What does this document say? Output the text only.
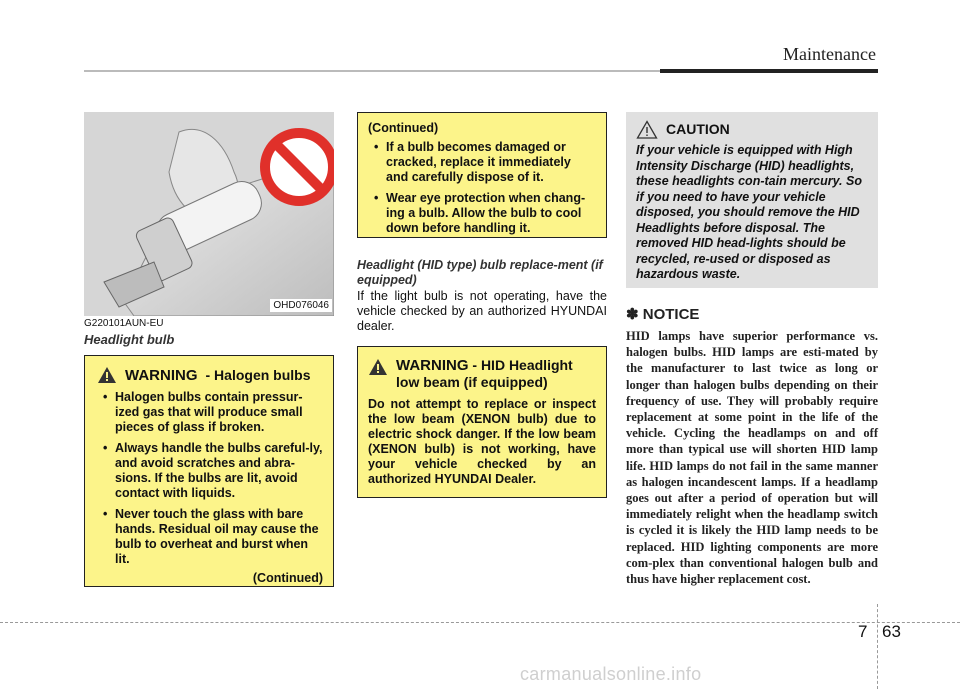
Maintenance
OHD076046
G220101AUN-EU
Headlight bulb
WARNING - Halogen bulbs
• Halogen bulbs contain pressur-ized gas that will produce small pieces of glass if broken.
• Always handle the bulbs careful-ly, and avoid scratches and abra-sions. If the bulbs are lit, avoid contact with liquids.
• Never touch the glass with bare hands. Residual oil may cause the bulb to overheat and burst when lit.
(Continued)
(Continued)
• If a bulb becomes damaged or cracked, replace it immediately and carefully dispose of it.
• Wear eye protection when chang-ing a bulb. Allow the bulb to cool down before handling it.
Headlight (HID type) bulb replace-ment (if equipped)
If the light bulb is not operating, have the vehicle checked by an authorized HYUNDAI dealer.
WARNING - HID Headlight low beam (if equipped)

Do not attempt to replace or inspect the low beam (XENON bulb) due to electric shock danger. If the low beam (XENON bulb) is not working, have your vehicle checked by an authorized HYUNDAI Dealer.

CAUTION

If your vehicle is equipped with High Intensity Discharge (HID) headlights, these headlights con-tain mercury. So if you need to have your vehicle disposed, you should remove the HID Headlights before disposal. The removed HID head-lights should be recycled, re-used or disposed as hazardous waste.

✽ NOTICE
HID lamps have superior performance vs. halogen bulbs. HID lamps are esti-mated by the manufacturer to last twice as long or longer than halogen bulbs depending on their frequency of use. They will probably require replacement at some point in the life of the vehicle. Cycling the headlamps on and off more than typical use will shorten HID lamp life. HID lamps do not fail in the same manner as halogen incandescent lamps. If a headlamp goes out after a period of operation but will immediately relight when the headlamp switch is cycled it is likely the HID lamp needs to be replaced. HID lighting components are more com-plex than conventional halogen bulb and thus have higher replacement cost.
7 63
carmanualsonline.info
